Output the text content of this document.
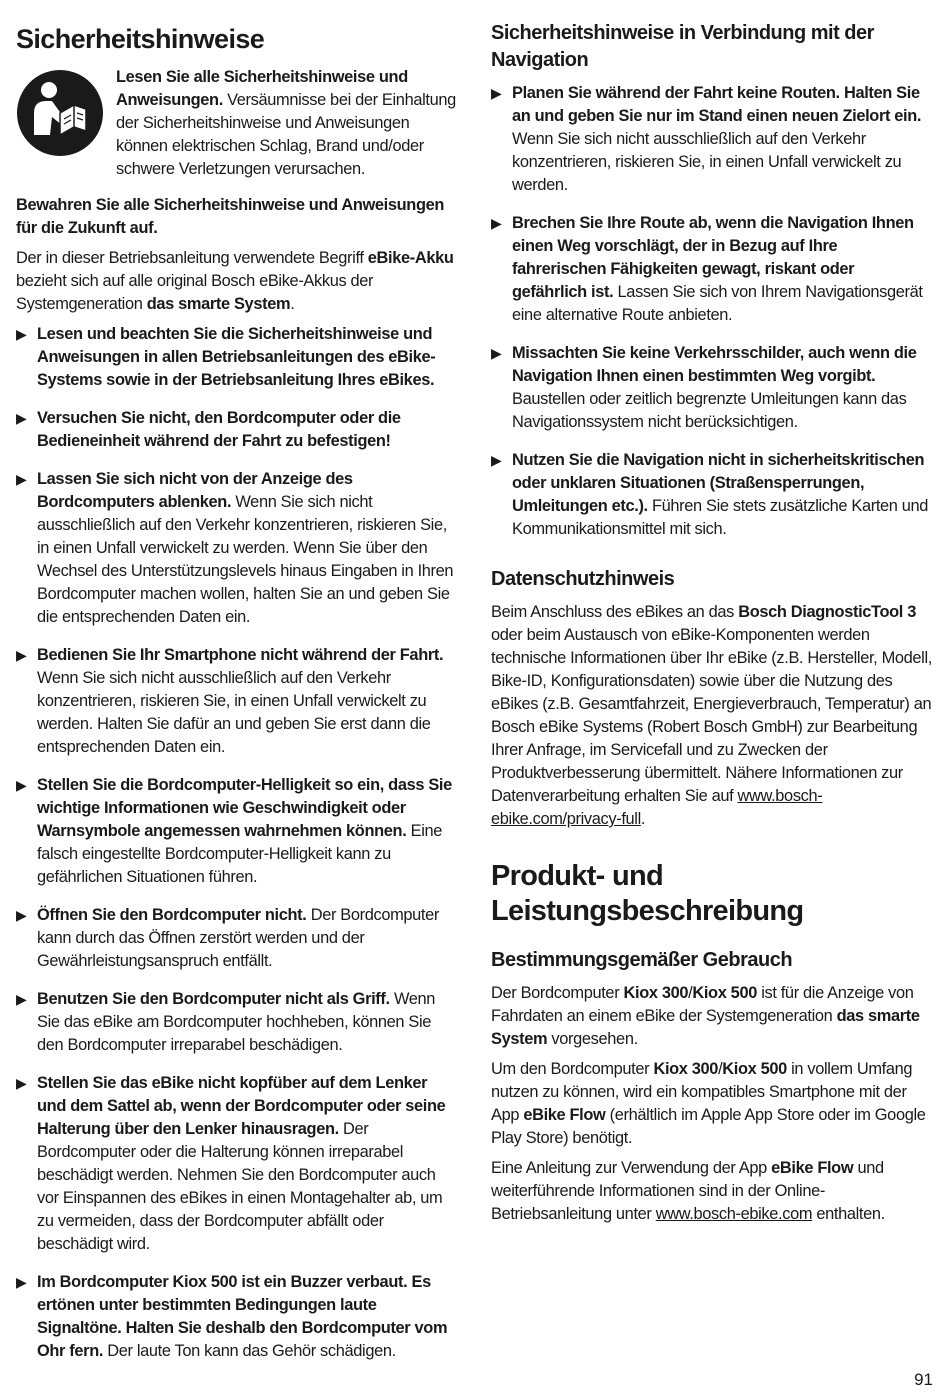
Sicherheitshinweise

Lesen Sie alle Sicherheitshinweise und Anweisungen. Versäumnisse bei der Einhaltung der Sicherheitshinweise und Anweisungen können elektrischen Schlag, Brand und/oder schwere Verletzungen verursachen.

Bewahren Sie alle Sicherheitshinweise und Anweisungen für die Zukunft auf.

Der in dieser Betriebsanleitung verwendete Begriff eBike-Akku bezieht sich auf alle original Bosch eBike-Akkus der Systemgeneration das smarte System.

▶ Lesen und beachten Sie die Sicherheitshinweise und Anweisungen in allen Betriebsanleitungen des eBike-Systems sowie in der Betriebsanleitung Ihres eBikes.

▶ Versuchen Sie nicht, den Bordcomputer oder die Bedieneinheit während der Fahrt zu befestigen!

▶ Lassen Sie sich nicht von der Anzeige des Bordcomputers ablenken. Wenn Sie sich nicht ausschließlich auf den Verkehr konzentrieren, riskieren Sie, in einen Unfall verwickelt zu werden. Wenn Sie über den Wechsel des Unterstützungslevels hinaus Eingaben in Ihren Bordcomputer machen wollen, halten Sie an und geben Sie die entsprechenden Daten ein.

▶ Bedienen Sie Ihr Smartphone nicht während der Fahrt. Wenn Sie sich nicht ausschließlich auf den Verkehr konzentrieren, riskieren Sie, in einen Unfall verwickelt zu werden. Halten Sie dafür an und geben Sie erst dann die entsprechenden Daten ein.

▶ Stellen Sie die Bordcomputer-Helligkeit so ein, dass Sie wichtige Informationen wie Geschwindigkeit oder Warnsymbole angemessen wahrnehmen können. Eine falsch eingestellte Bordcomputer-Helligkeit kann zu gefährlichen Situationen führen.

▶ Öffnen Sie den Bordcomputer nicht. Der Bordcomputer kann durch das Öffnen zerstört werden und der Gewährleistungsanspruch entfällt.

▶ Benutzen Sie den Bordcomputer nicht als Griff. Wenn Sie das eBike am Bordcomputer hochheben, können Sie den Bordcomputer irreparabel beschädigen.

▶ Stellen Sie das eBike nicht kopfüber auf dem Lenker und dem Sattel ab, wenn der Bordcomputer oder seine Halterung über den Lenker hinausragen. Der Bordcomputer oder die Halterung können irreparabel beschädigt werden. Nehmen Sie den Bordcomputer auch vor Einspannen des eBikes in einen Montagehalter ab, um zu vermeiden, dass der Bordcomputer abfällt oder beschädigt wird.

▶ Im Bordcomputer Kiox 500 ist ein Buzzer verbaut. Es ertönen unter bestimmten Bedingungen laute Signaltöne. Halten Sie deshalb den Bordcomputer vom Ohr fern. Der laute Ton kann das Gehör schädigen.

Sicherheitshinweise in Verbindung mit der Navigation
▶ Planen Sie während der Fahrt keine Routen. Halten Sie an und geben Sie nur im Stand einen neuen Zielort ein. Wenn Sie sich nicht ausschließlich auf den Verkehr konzentrieren, riskieren Sie, in einen Unfall verwickelt zu werden.

▶ Brechen Sie Ihre Route ab, wenn die Navigation Ihnen einen Weg vorschlägt, der in Bezug auf Ihre fahrerischen Fähigkeiten gewagt, riskant oder gefährlich ist. Lassen Sie sich von Ihrem Navigationsgerät eine alternative Route anbieten.

▶ Missachten Sie keine Verkehrsschilder, auch wenn die Navigation Ihnen einen bestimmten Weg vorgibt. Baustellen oder zeitlich begrenzte Umleitungen kann das Navigationssystem nicht berücksichtigen.

▶ Nutzen Sie die Navigation nicht in sicherheitskritischen oder unklaren Situationen (Straßensperrungen, Umleitungen etc.). Führen Sie stets zusätzliche Karten und Kommunikationsmittel mit sich.

Datenschutzhinweis

Beim Anschluss des eBikes an das Bosch DiagnosticTool 3 oder beim Austausch von eBike-Komponenten werden technische Informationen über Ihr eBike (z.B. Hersteller, Modell, Bike-ID, Konfigurationsdaten) sowie über die Nutzung des eBikes (z.B. Gesamtfahrzeit, Energieverbrauch, Temperatur) an Bosch eBike Systems (Robert Bosch GmbH) zur Bearbeitung Ihrer Anfrage, im Servicefall und zu Zwecken der Produktverbesserung übermittelt. Nähere Informationen zur Datenverarbeitung erhalten Sie auf www.bosch-ebike.com/privacy-full.

Produkt- und Leistungsbeschreibung
Bestimmungsgemäßer Gebrauch

Der Bordcomputer Kiox 300/Kiox 500 ist für die Anzeige von Fahrdaten an einem eBike der Systemgeneration das smarte System vorgesehen.

Um den Bordcomputer Kiox 300/Kiox 500 in vollem Umfang nutzen zu können, wird ein kompatibles Smartphone mit der App eBike Flow (erhältlich im Apple App Store oder im Google Play Store) benötigt.

Eine Anleitung zur Verwendung der App eBike Flow und weiterführende Informationen sind in der Online-Betriebsanleitung unter www.bosch-ebike.com enthalten.

91
